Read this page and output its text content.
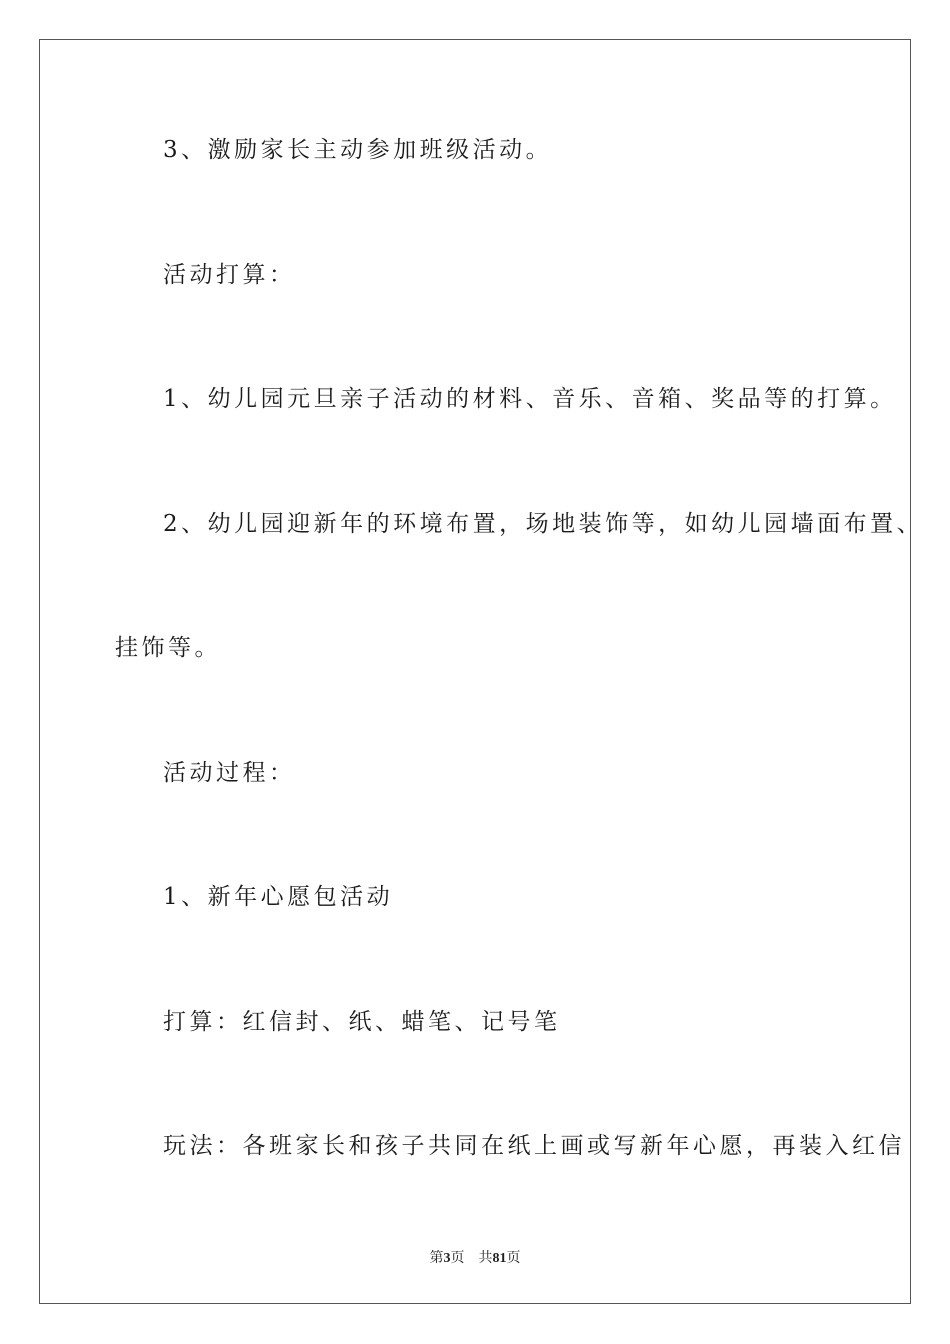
3、激励家长主动参加班级活动。
活动打算：
1、幼儿园元旦亲子活动的材料、音乐、音箱、奖品等的打算。
2、幼儿园迎新年的环境布置，场地装饰等，如幼儿园墙面布置、
挂饰等。
活动过程：
1、新年心愿包活动
打算：红信封、纸、蜡笔、记号笔
玩法：各班家长和孩子共同在纸上画或写新年心愿，再装入红信
第3页 共81页
